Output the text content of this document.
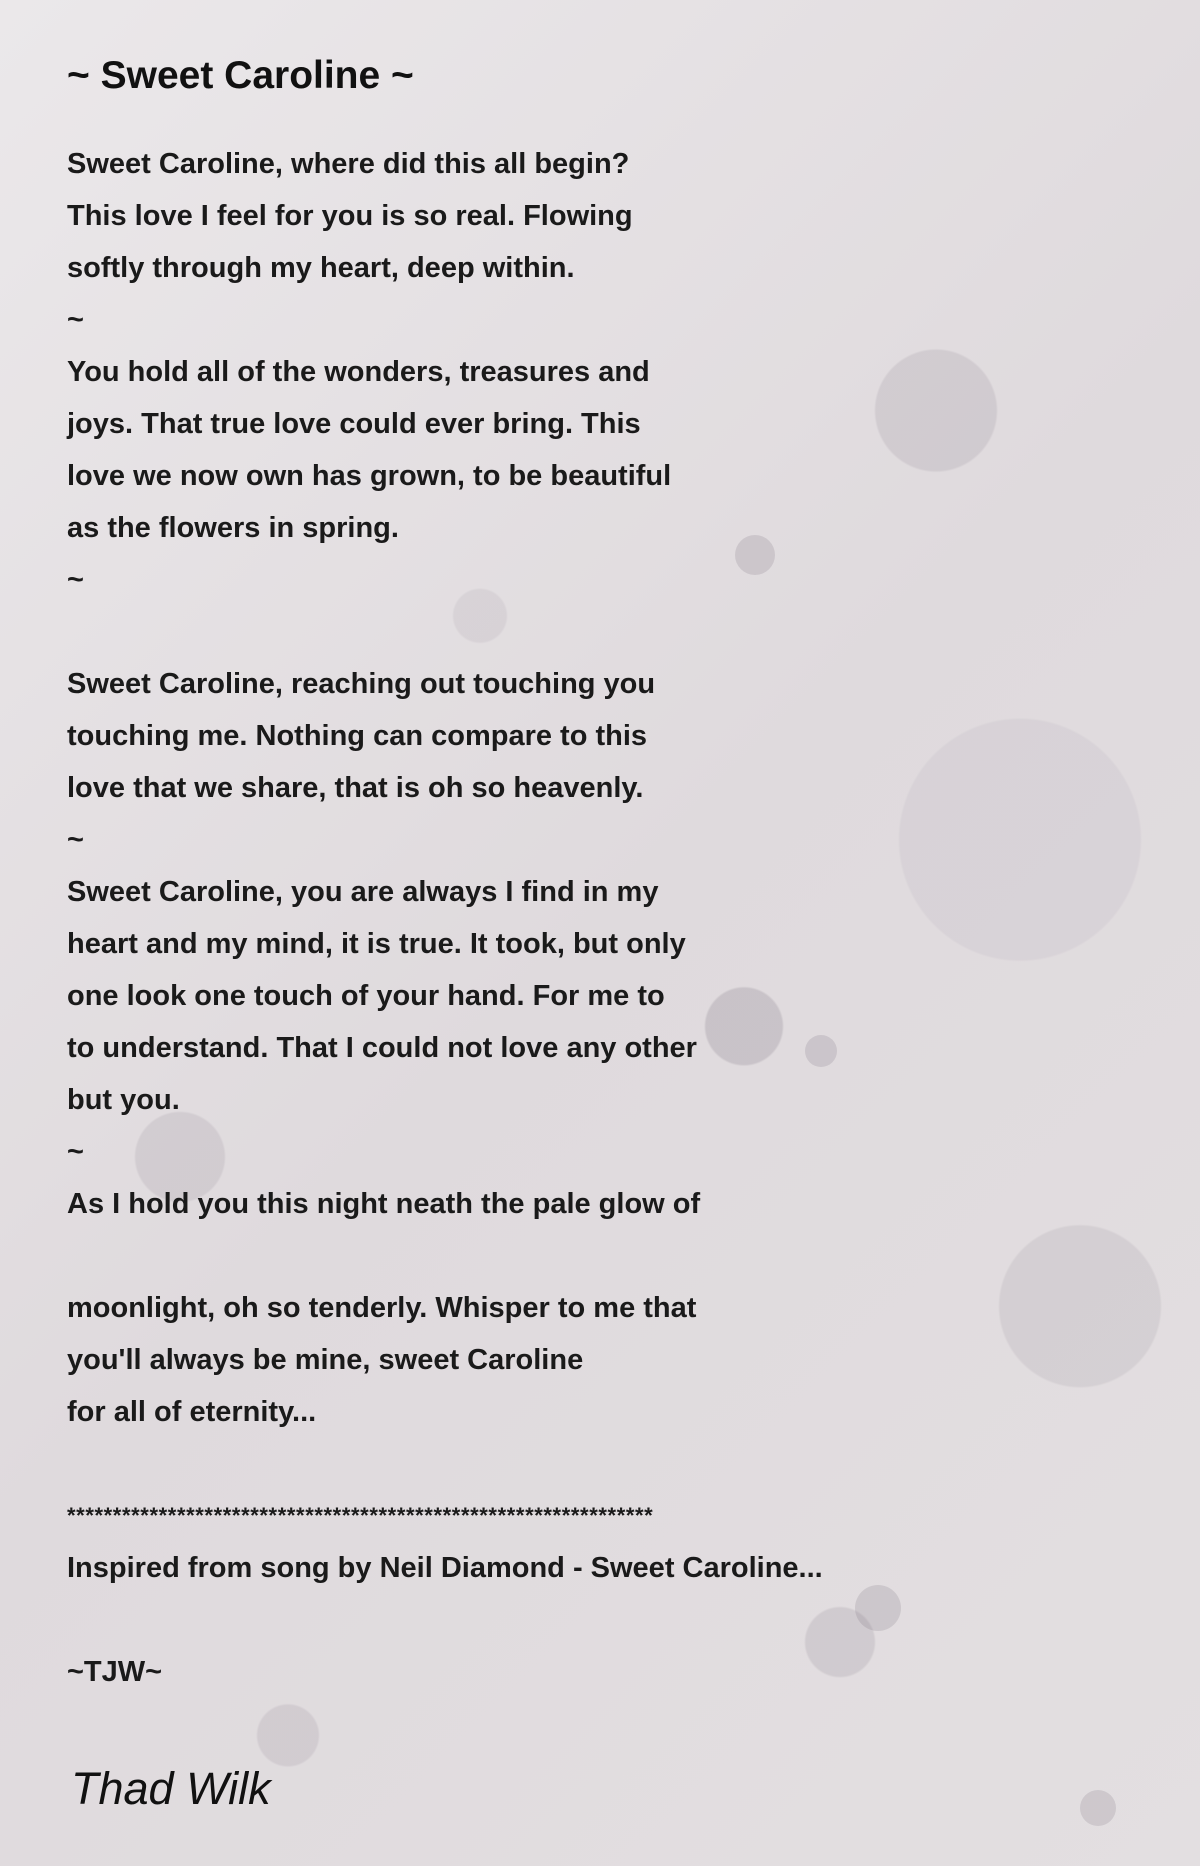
~ Sweet Caroline ~
Sweet Caroline, where did this all begin?
This love I feel for you is so real. Flowing
softly through my heart, deep within.
~
You hold all of the wonders, treasures and
joys. That true love could ever bring. This
love we now own has grown, to be beautiful
as the flowers in spring.
~
Sweet Caroline, reaching out touching you
touching me. Nothing can compare to this
love that we share, that is oh so heavenly.
~
Sweet Caroline, you are always I find in my
heart and my mind, it is true. It took, but only
one look one touch of your hand. For me to
to understand. That I could not love any other
but you.
~
As I hold you this night neath the pale glow of
moonlight, oh so tenderly. Whisper to me that
you'll always be mine, sweet Caroline
for all of eternity...
****************************************************************
Inspired from song by Neil Diamond - Sweet Caroline...
~TJW~
Thad Wilk
